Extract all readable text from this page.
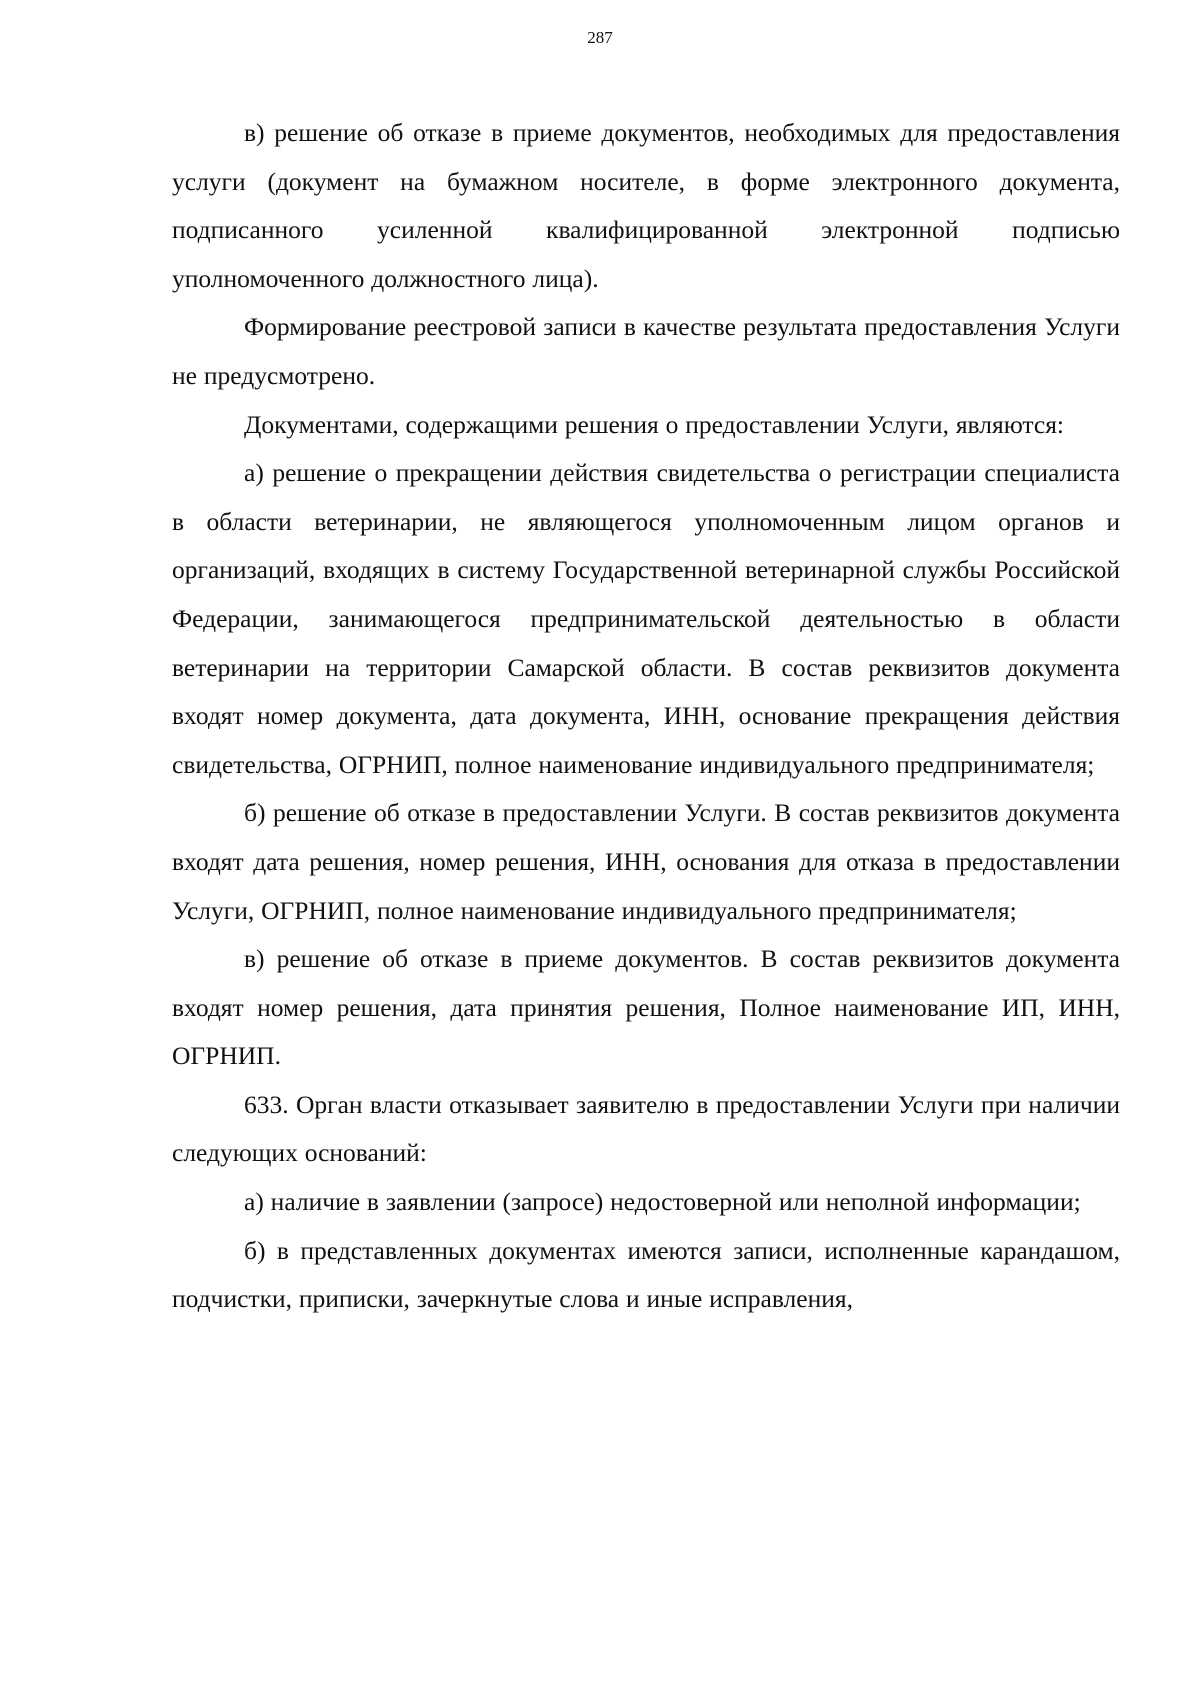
287

в) решение об отказе в приеме документов, необходимых для предоставления услуги (документ на бумажном носителе, в форме электронного документа, подписанного усиленной квалифицированной электронной подписью уполномоченного должностного лица).

Формирование реестровой записи в качестве результата предоставления Услуги не предусмотрено.

Документами, содержащими решения о предоставлении Услуги, являются:

а) решение о прекращении действия свидетельства о регистрации специалиста в области ветеринарии, не являющегося уполномоченным лицом органов и организаций, входящих в систему Государственной ветеринарной службы Российской Федерации, занимающегося предпринимательской деятельностью в области ветеринарии на территории Самарской области. В состав реквизитов документа входят номер документа, дата документа, ИНН, основание прекращения действия свидетельства, ОГРНИП, полное наименование индивидуального предпринимателя;

б) решение об отказе в предоставлении Услуги. В состав реквизитов документа входят дата решения, номер решения, ИНН, основания для отказа в предоставлении Услуги, ОГРНИП, полное наименование индивидуального предпринимателя;

в) решение об отказе в приеме документов. В состав реквизитов документа входят номер решения, дата принятия решения, Полное наименование ИП, ИНН, ОГРНИП.

633. Орган власти отказывает заявителю в предоставлении Услуги при наличии следующих оснований:

а) наличие в заявлении (запросе) недостоверной или неполной информации;

б) в представленных документах имеются записи, исполненные карандашом, подчистки, приписки, зачеркнутые слова и иные исправления,
